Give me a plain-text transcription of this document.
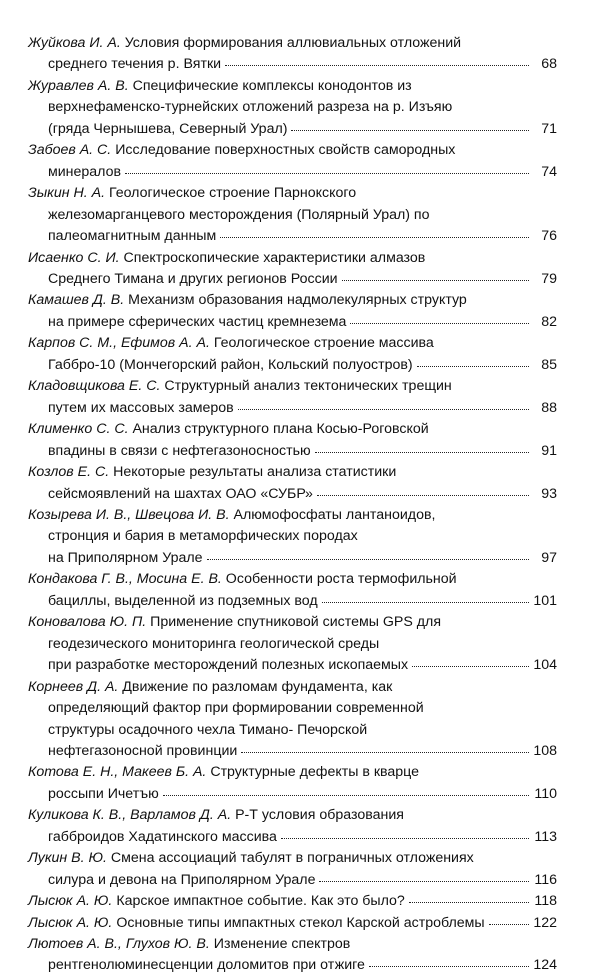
Жуйкова И. А. Условия формирования аллювиальных отложений
среднего течения р. Вятки	68
Журавлев А. В. Специфические комплексы конодонтов из
верхнефаменско-турнейских отложений разреза на р. Изъяю
(гряда Чернышева, Северный Урал)	71
Забоев А. С. Исследование поверхностных свойств самородных
минералов	74
Зыкин Н. А. Геологическое строение Парнокского
железомарганцевого месторождения (Полярный Урал) по
палеомагнитным данным	76
Исаенко С. И. Спектроскопические характеристики алмазов
Среднего Тимана и других регионов России	79
Камашев Д. В. Механизм образования надмолекулярных структур
на примере сферических частиц кремнезема	82
Карпов С. М., Ефимов А. А. Геологическое строение массива
Габбро-10 (Мончегорский район, Кольский полуостров)	85
Кладовщикова Е. С. Структурный анализ тектонических трещин
путем их массовых замеров	88
Клименко С. С. Анализ структурного плана Косью-Роговской
впадины в связи с нефтегазоносностью	91
Козлов Е. С. Некоторые результаты анализа статистики
сейсмоявлений на шахтах ОАО «СУБР»	93
Козырева И. В., Швецова И. В. Алюмофосфаты лантаноидов,
стронция и бария в метаморфических породах
на Приполярном Урале	97
Кондакова Г. В., Мосина Е. В. Особенности роста термофильной
бациллы, выделенной из подземных вод	101
Коновалова Ю. П. Применение спутниковой системы GPS для
геодезического мониторинга геологической среды
при разработке месторождений полезных ископаемых	104
Корнеев Д. А. Движение по разломам фундамента, как
определяющий фактор при формировании современной
структуры осадочного чехла Тимано- Печорской
нефтегазоносной провинции	108
Котова Е. Н., Макеев Б. А. Структурные дефекты в кварце
россыпи Ичетъю	110
Куликова К. В., Варламов Д. А. Р-Т условия образования
габброидов Хадатинского массива	113
Лукин В. Ю. Смена ассоциаций табулят в пограничных отложениях
силура и девона на Приполярном Урале	116
Лысюк А. Ю. Карское импактное событие. Как это было?	118
Лысюк А. Ю. Основные типы импактных стекол Карской астроблемы	122
Лютоев А. В., Глухов Ю. В. Изменение спектров
рентгенолюминесценции доломитов при отжиге	124
